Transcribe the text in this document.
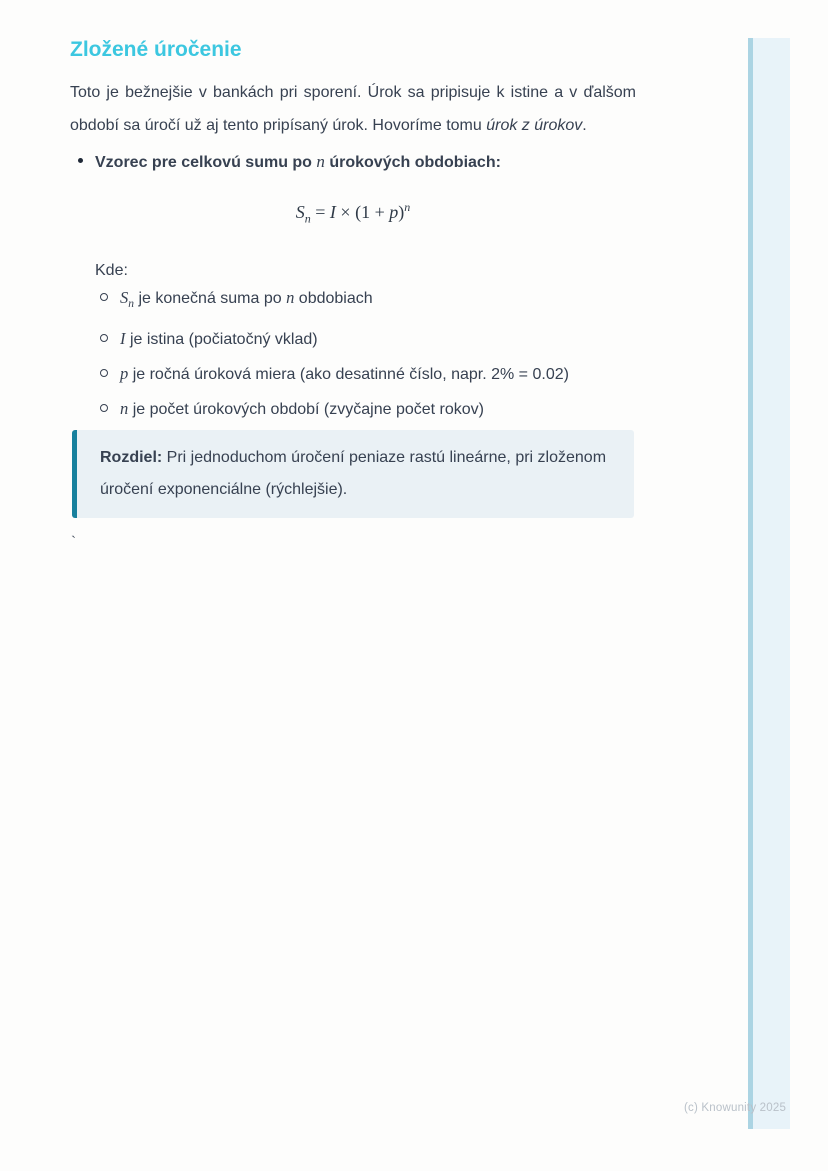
Zložené úročenie

Toto je bežnejšie v bankách pri sporení. Úrok sa pripisuje k istine a v ďalšom období sa úročí už aj tento pripísaný úrok. Hovoríme tomu úrok z úrokov.

Vzorec pre celkovú sumu po n úrokových obdobiach:
$S_n = I \times (1 + p)^n$
Kde:
$S_n$ je konečná suma po n obdobiach
I je istina (počiatočný vklad)
p je ročná úroková miera (ako desatinné číslo, napr. 2% = 0.02)
n je počet úrokových období (zvyčajne počet rokov)
Rozdiel: Pri jednoduchom úročení peniaze rastú lineárne, pri zloženom úročení exponenciálne (rýchlejšie).
`
(c) Knowunity 2025
